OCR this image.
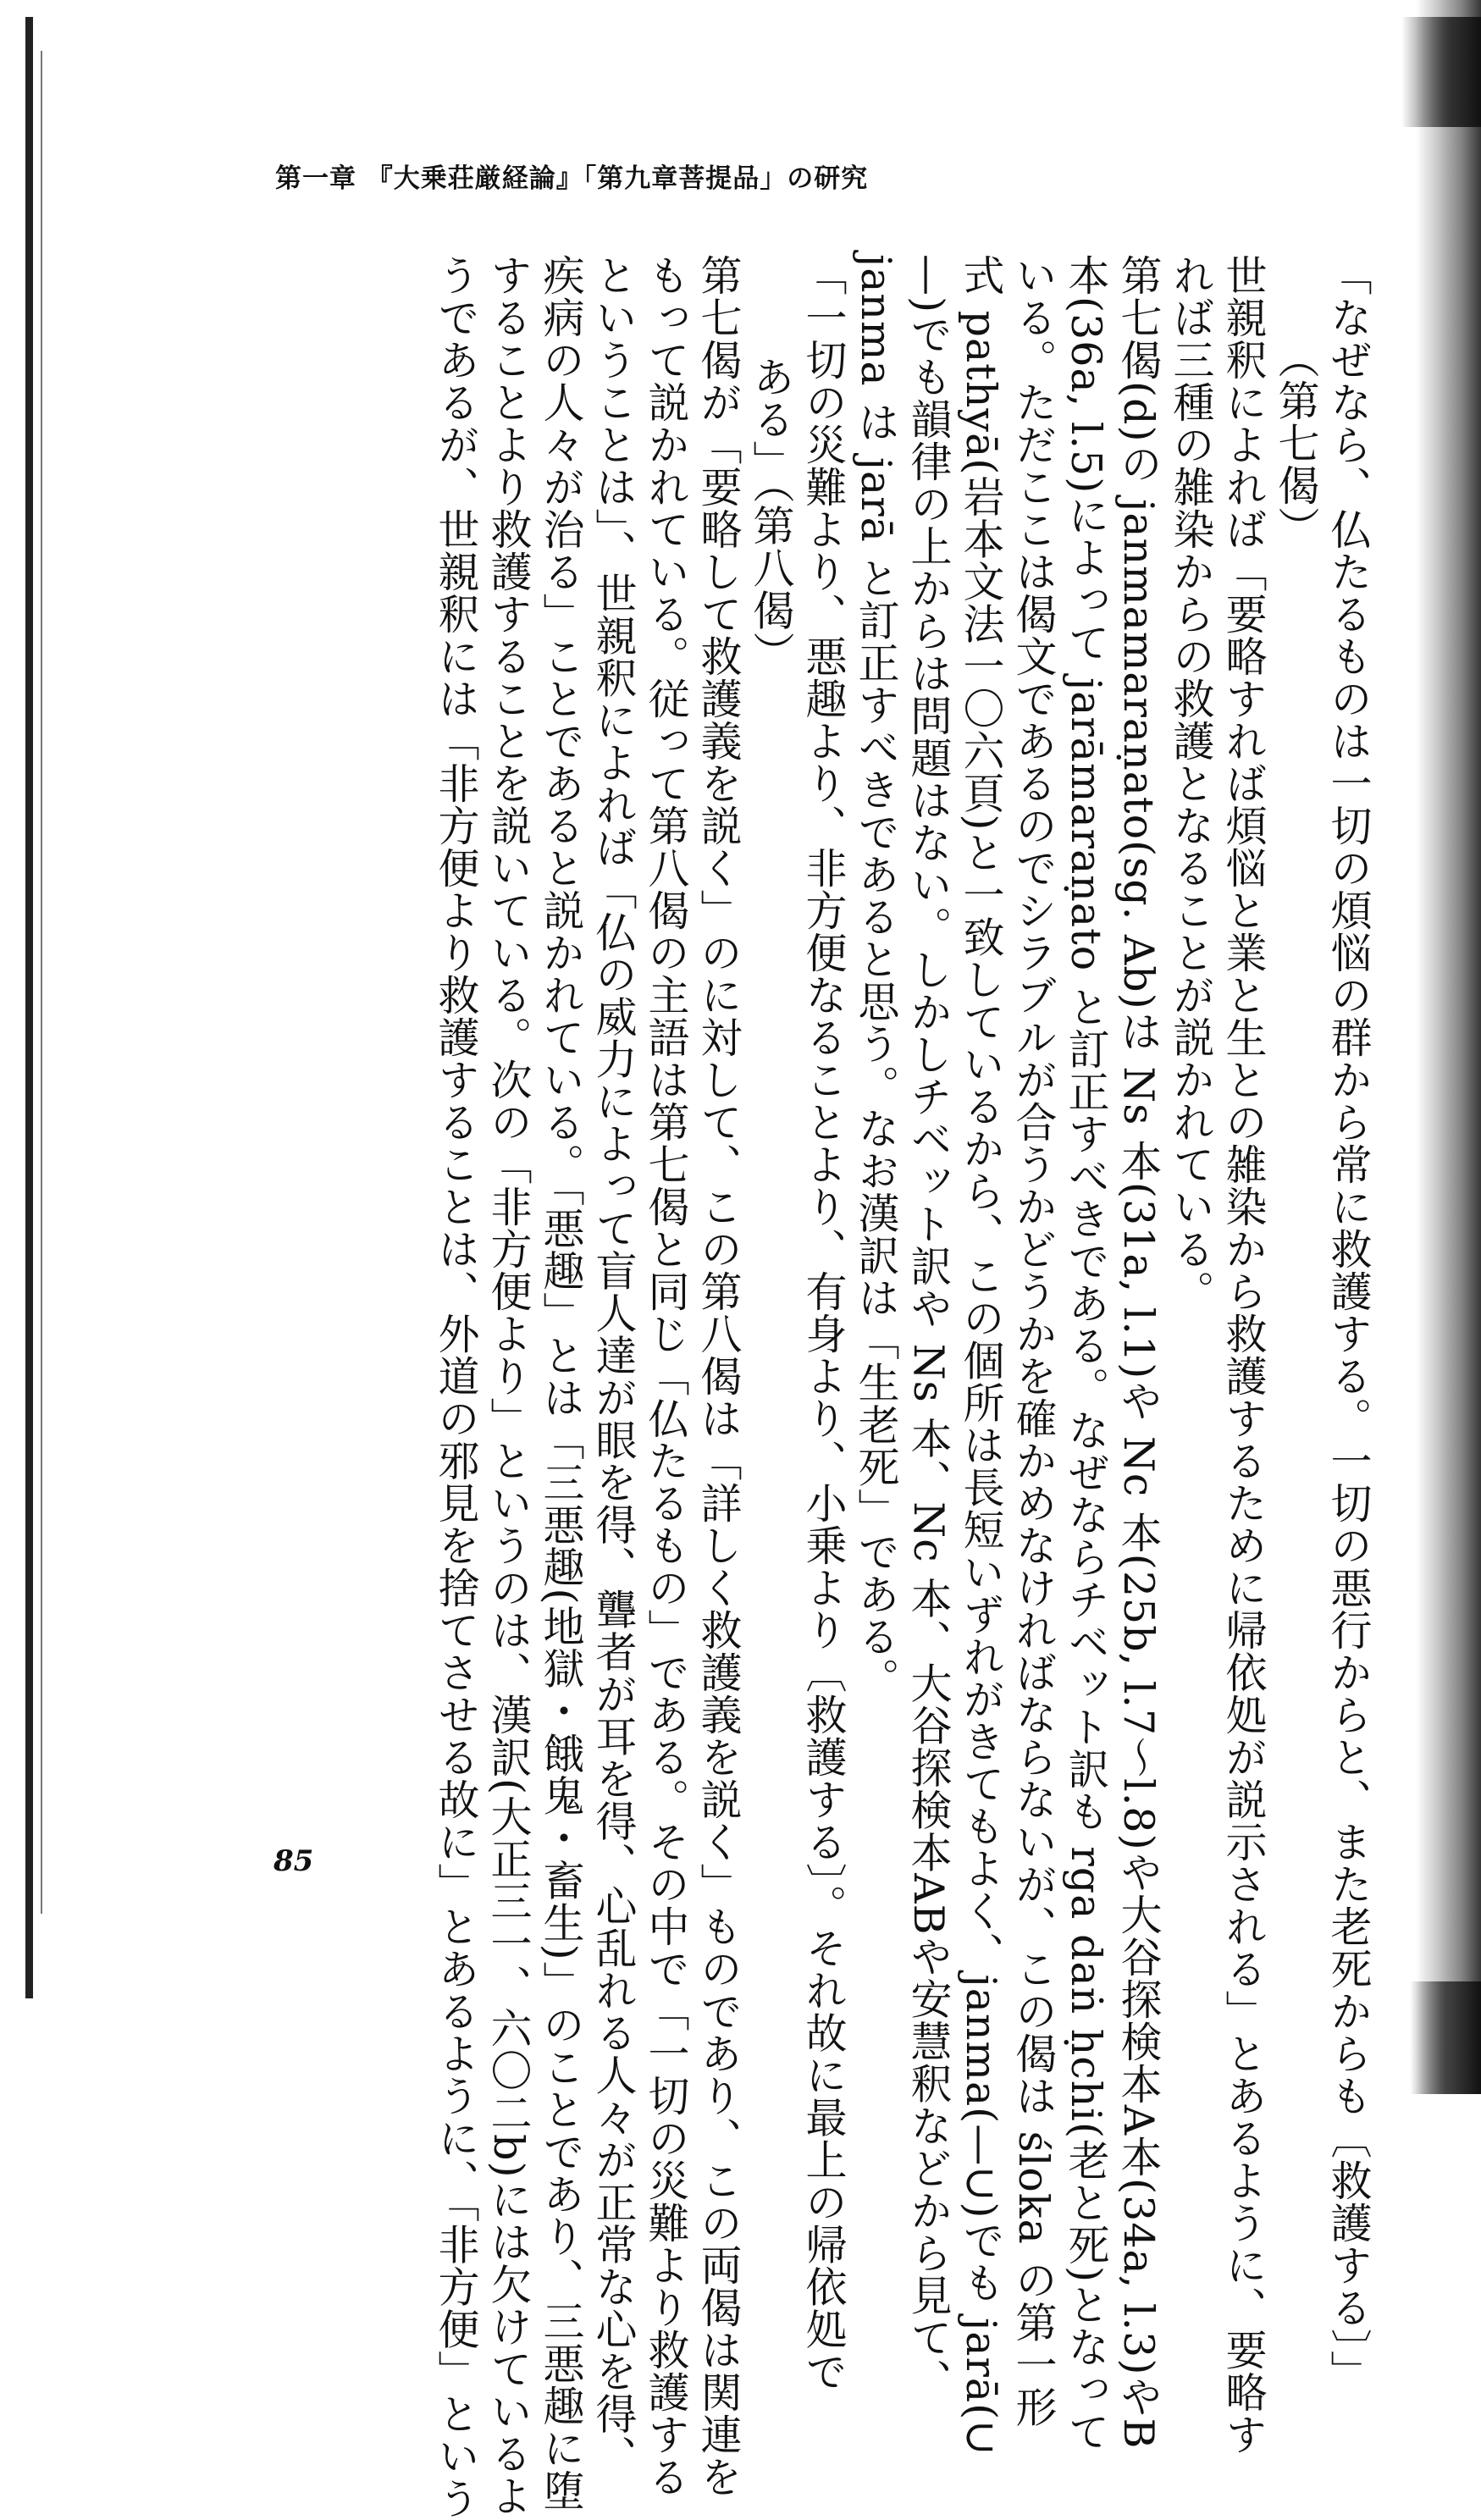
第一章 『大乗荘厳経論』「第九章菩提品」の研究
「なぜなら、仏たるものは一切の煩悩の群から常に救護する。一切の悪行からと、また老死からも〔救護する〕」
（第七偈）
世親釈によれば「要略すれば煩悩と業と生との雑染から救護するために帰依処が説示される」とあるように、要略す
れば三種の雑染からの救護となることが説かれている。
第七偈(d)の janmamaraṇato(sg. Ab)は Ns 本(31a, l.1)や Nc 本(25b, l.7〜l.8)や大谷探検本A本(34a, l.3)やB
本(36a, l.5)によって jarāmaraṇato と訂正すべきである。なぜならチベット訳も rga daṅ ḥchi(老と死)となって
いる。ただここは偈文であるのでシラブルが合うかどうかを確かめなければならないが、この偈は śloka の第一形
式 pathyā(岩本文法一〇六頁)と一致しているから、この個所は長短いずれがきてもよく、janma(—∪)でも jarā(∪
—)でも韻律の上からは問題はない。しかしチベット訳や Ns 本、Nc 本、大谷探検本ABや安慧釈などから見て、
janma は jarā と訂正すべきであると思う。なお漢訳は「生老死」である。
「一切の災難より、悪趣より、非方便なることより、有身より、小乗より〔救護する〕。それ故に最上の帰依処で
ある」（第八偈）
第七偈が「要略して救護義を説く」のに対して、この第八偈は「詳しく救護義を説く」ものであり、この両偈は関連を
もって説かれている。従って第八偈の主語は第七偈と同じ「仏たるもの」である。その中で「一切の災難より救護する
ということは」、世親釈によれば「仏の威力によって盲人達が眼を得、聾者が耳を得、心乱れる人々が正常な心を得、
疾病の人々が治る」ことであると説かれている。「悪趣」とは「三悪趣(地獄・餓鬼・畜生)」のことであり、三悪趣に堕
することより救護することを説いている。次の「非方便より」というのは、漢訳(大正三一、六〇二b)には欠けているよ
うであるが、世親釈には「非方便より救護することは、外道の邪見を捨てさせる故に」とあるように、「非方便」という
85
